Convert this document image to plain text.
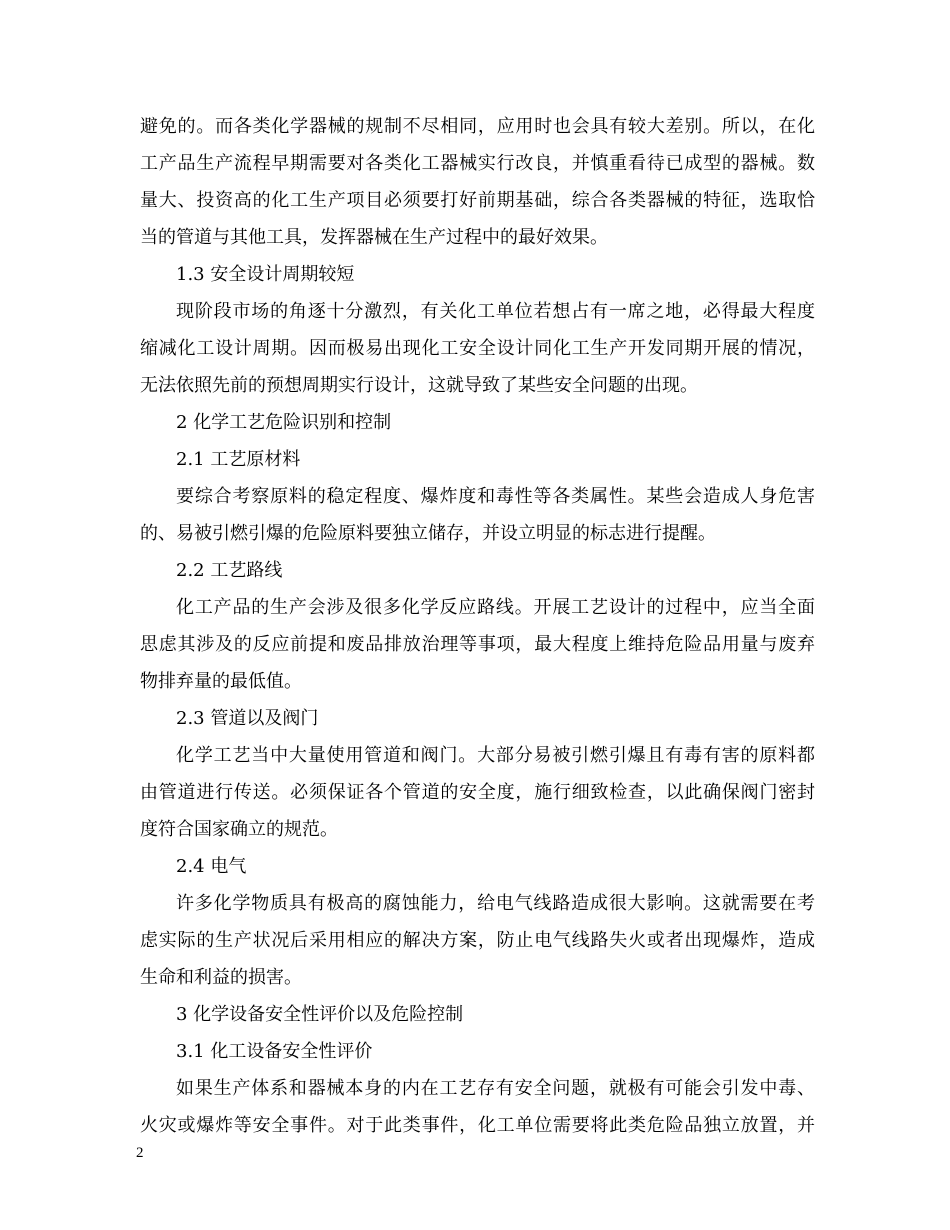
避免的。而各类化学器械的规制不尽相同，应用时也会具有较大差别。所以，在化
工产品生产流程早期需要对各类化工器械实行改良，并慎重看待已成型的器械。数
量大、投资高的化工生产项目必须要打好前期基础，综合各类器械的特征，选取恰
当的管道与其他工具，发挥器械在生产过程中的最好效果。
1.3 安全设计周期较短
现阶段市场的角逐十分激烈，有关化工单位若想占有一席之地，必得最大程度
缩减化工设计周期。因而极易出现化工安全设计同化工生产开发同期开展的情况，
无法依照先前的预想周期实行设计，这就导致了某些安全问题的出现。
2 化学工艺危险识别和控制
2.1 工艺原材料
要综合考察原料的稳定程度、爆炸度和毒性等各类属性。某些会造成人身危害
的、易被引燃引爆的危险原料要独立储存，并设立明显的标志进行提醒。
2.2 工艺路线
化工产品的生产会涉及很多化学反应路线。开展工艺设计的过程中，应当全面
思虑其涉及的反应前提和废品排放治理等事项，最大程度上维持危险品用量与废弃
物排弃量的最低值。
2.3 管道以及阀门
化学工艺当中大量使用管道和阀门。大部分易被引燃引爆且有毒有害的原料都
由管道进行传送。必须保证各个管道的安全度，施行细致检查，以此确保阀门密封
度符合国家确立的规范。
2.4 电气
许多化学物质具有极高的腐蚀能力，给电气线路造成很大影响。这就需要在考
虑实际的生产状况后采用相应的解决方案，防止电气线路失火或者出现爆炸，造成
生命和利益的损害。
3 化学设备安全性评价以及危险控制
3.1 化工设备安全性评价
如果生产体系和器械本身的内在工艺存有安全问题，就极有可能会引发中毒、
火灾或爆炸等安全事件。对于此类事件，化工单位需要将此类危险品独立放置，并
2
